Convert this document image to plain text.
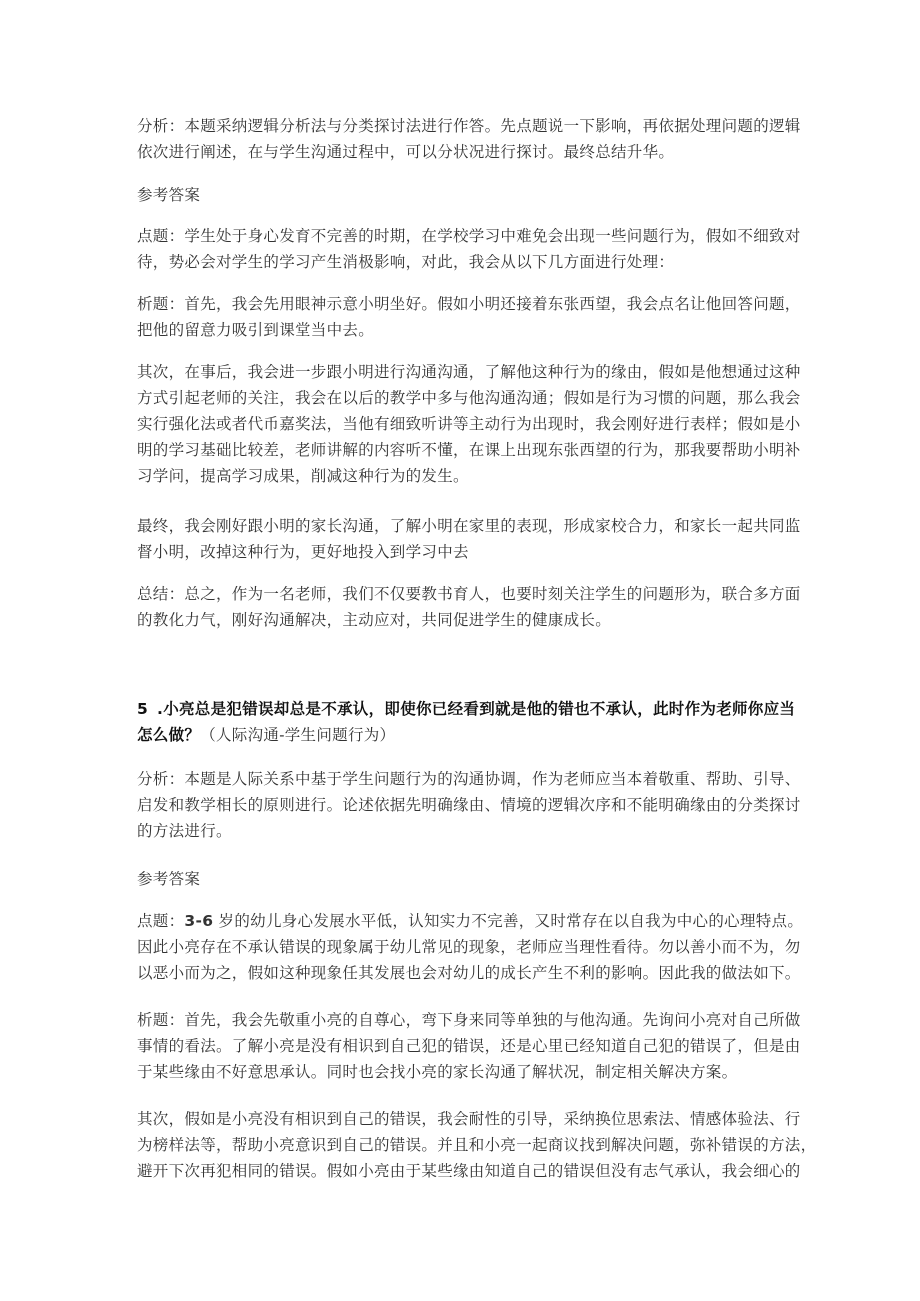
分析：本题采纳逻辑分析法与分类探讨法进行作答。先点题说一下影响，再依据处理问题的逻辑
依次进行阐述，在与学生沟通过程中，可以分状况进行探讨。最终总结升华。
参考答案
点题：学生处于身心发育不完善的时期，在学校学习中难免会出现一些问题行为，假如不细致对
待，势必会对学生的学习产生消极影响，对此，我会从以下几方面进行处理：
析题：首先，我会先用眼神示意小明坐好。假如小明还接着东张西望，我会点名让他回答问题，
把他的留意力吸引到课堂当中去。
其次，在事后，我会进一步跟小明进行沟通沟通，了解他这种行为的缘由，假如是他想通过这种
方式引起老师的关注，我会在以后的教学中多与他沟通沟通；假如是行为习惯的问题，那么我会
实行强化法或者代币嘉奖法，当他有细致听讲等主动行为出现时，我会刚好进行表样；假如是小
明的学习基础比较差，老师讲解的内容听不懂，在课上出现东张西望的行为，那我要帮助小明补
习学问，提高学习成果，削减这种行为的发生。
最终，我会刚好跟小明的家长沟通，了解小明在家里的表现，形成家校合力，和家长一起共同监
督小明，改掉这种行为，更好地投入到学习中去
总结：总之，作为一名老师，我们不仅要教书育人，也要时刻关注学生的问题形为，联合多方面
的教化力气，刚好沟通解决，主动应对，共同促进学生的健康成长。
5 .小亮总是犯错误却总是不承认，即使你已经看到就是他的错也不承认，此时作为老师你应当
怎么做？（人际沟通-学生问题行为）
分析：本题是人际关系中基于学生问题行为的沟通协调，作为老师应当本着敬重、帮助、引导、
启发和教学相长的原则进行。论述依据先明确缘由、情境的逻辑次序和不能明确缘由的分类探讨
的方法进行。
参考答案
点题：3-6 岁的幼儿身心发展水平低，认知实力不完善，又时常存在以自我为中心的心理特点。
因此小亮存在不承认错误的现象属于幼儿常见的现象，老师应当理性看待。勿以善小而不为，勿
以恶小而为之，假如这种现象任其发展也会对幼儿的成长产生不利的影响。因此我的做法如下。
析题：首先，我会先敬重小亮的自尊心，弯下身来同等单独的与他沟通。先询问小亮对自己所做
事情的看法。了解小亮是没有相识到自己犯的错误，还是心里已经知道自己犯的错误了，但是由
于某些缘由不好意思承认。同时也会找小亮的家长沟通了解状况，制定相关解决方案。
其次，假如是小亮没有相识到自己的错误，我会耐性的引导，采纳换位思索法、情感体验法、行
为榜样法等，帮助小亮意识到自己的错误。并且和小亮一起商议找到解决问题，弥补错误的方法，
避开下次再犯相同的错误。假如小亮由于某些缘由知道自己的错误但没有志气承认，我会细心的
